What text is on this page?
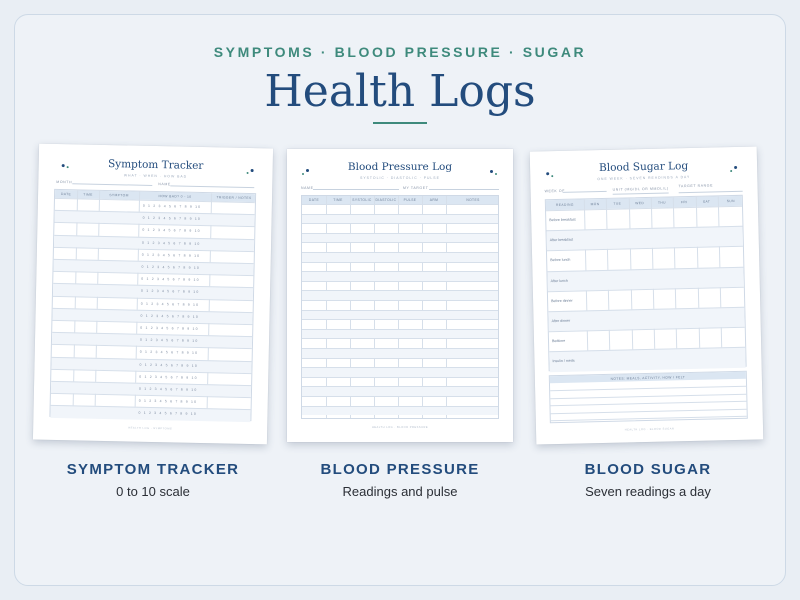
SYMPTOMS · BLOOD PRESSURE · SUGAR
Health Logs
Symptom Tracker
WHAT · WHEN · HOW BAD
MONTH	NAME
DATE	TIME	SYMPTOM	HOW BAD? 0 - 10	TRIGGER / NOTES
0 1 2 3 4 5 6 7 8 9 10
0 1 2 3 4 5 6 7 8 9 10
0 1 2 3 4 5 6 7 8 9 10
0 1 2 3 4 5 6 7 8 9 10
0 1 2 3 4 5 6 7 8 9 10
0 1 2 3 4 5 6 7 8 9 10
0 1 2 3 4 5 6 7 8 9 10
0 1 2 3 4 5 6 7 8 9 10
0 1 2 3 4 5 6 7 8 9 10
0 1 2 3 4 5 6 7 8 9 10
0 1 2 3 4 5 6 7 8 9 10
0 1 2 3 4 5 6 7 8 9 10
0 1 2 3 4 5 6 7 8 9 10
0 1 2 3 4 5 6 7 8 9 10
0 1 2 3 4 5 6 7 8 9 10
0 1 2 3 4 5 6 7 8 9 10
0 1 2 3 4 5 6 7 8 9 10
0 1 2 3 4 5 6 7 8 9 10
HEALTH LOG · SYMPTOMS
Blood Pressure Log
SYSTOLIC · DIASTOLIC · PULSE
NAME	MY TARGET
DATE	TIME	SYSTOLIC	DIASTOLIC	PULSE	ARM	NOTES
HEALTH LOG · BLOOD PRESSURE
Blood Sugar Log
ONE WEEK · SEVEN READINGS A DAY
WEEK OF	UNIT (MG/DL OR MMOL/L)
TARGET RANGE
READING	MON	TUE	WED	THU	FRI	SAT	SUN
Before breakfast
After breakfast
Before lunch
After lunch
Before dinner
After dinner
Bedtime
Insulin / meds
NOTES: MEALS, ACTIVITY, HOW I FELT
HEALTH LOG · BLOOD SUGAR
SYMPTOM TRACKER
0 to 10 scale
BLOOD PRESSURE
Readings and pulse
BLOOD SUGAR
Seven readings a day
